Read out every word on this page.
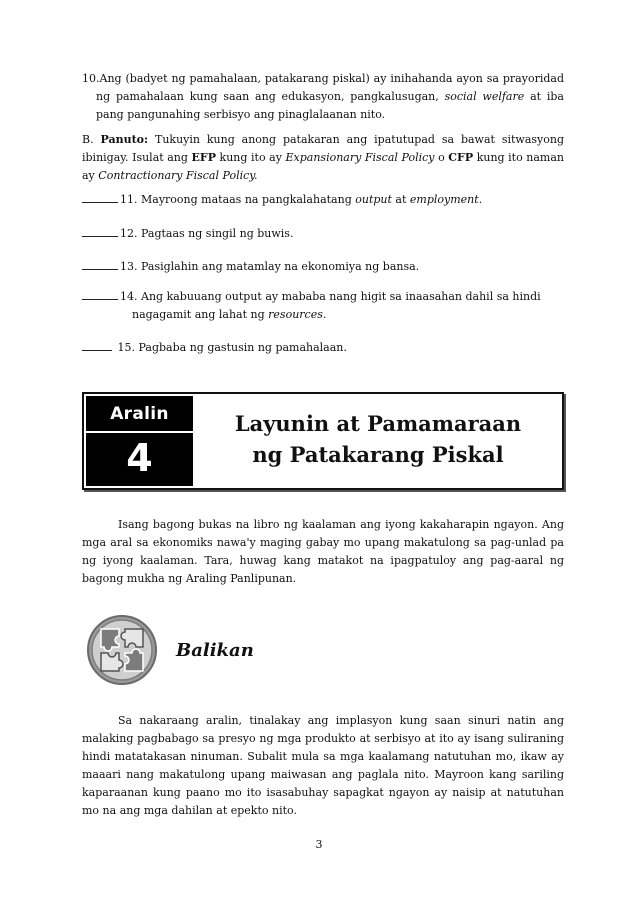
10.Ang (badyet ng pamahalaan, patakarang piskal) ay inihahanda ayon sa prayoridad ng pamahalaan kung saan ang edukasyon, pangkalusugan, social welfare at iba pang pangunahing serbisyo ang pinaglalaanan nito.
B. Panuto: Tukuyin kung anong patakaran ang ipatutupad sa bawat sitwasyong ibinigay. Isulat ang EFP kung ito ay Expansionary Fiscal Policy o CFP kung ito naman ay Contractionary Fiscal Policy.
11. Mayroong mataas na pangkalahatang output at employment.
12. Pagtaas ng singil ng buwis.
13. Pasiglahin ang matamlay na ekonomiya ng bansa.
14. Ang kabuuang output ay mababa nang higit sa inaasahan dahil sa hindi
nagagamit ang lahat ng resources.
15. Pagbaba ng gastusin ng pamahalaan.
Aralin
4
Layunin at Pamamaraan
ng Patakarang Piskal
Isang bagong bukas na libro ng kaalaman ang iyong kakaharapin ngayon. Ang mga aral sa ekonomiks nawa'y maging gabay mo upang makatulong sa pag-unlad pa ng iyong kaalaman. Tara, huwag kang matakot na ipagpatuloy ang pag-aaral ng bagong mukha ng Araling Panlipunan.
Balikan
Sa nakaraang aralin, tinalakay ang implasyon kung saan sinuri natin ang malaking pagbabago sa presyo ng mga produkto at serbisyo at ito ay isang suliraning hindi matatakasan ninuman. Subalit mula sa mga kaalamang natutuhan mo, ikaw ay maaari nang makatulong upang maiwasan ang paglala nito. Mayroon kang sariling kaparaanan kung paano mo ito isasabuhay sapagkat ngayon ay naisip at natutuhan mo na ang mga dahilan at epekto nito.
3
